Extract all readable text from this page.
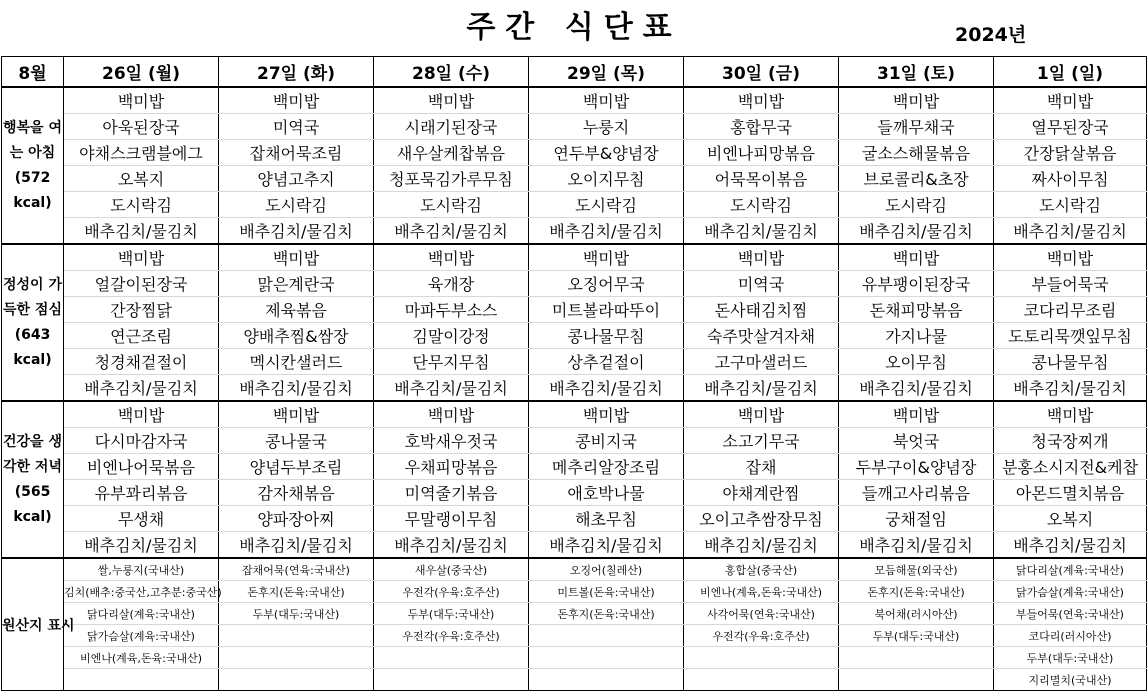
주간 식단표	2024년
8월	26일 (월)	27일 (화)	28일 (수)	29일 (목)	30일 (금)	31일 (토)	1일 (일)
행복을 여는 아침 (572 kcal)	백미밥	백미밥	백미밥	백미밥	백미밥	백미밥	백미밥
	아욱된장국	미역국	시래기된장국	누룽지	홍합무국	들깨무채국	열무된장국
	야채스크램블에그	잡채어묵조림	새우살케찹볶음	연두부&양념장	비엔나피망볶음	굴소스해물볶음	간장닭살볶음
	오복지	양념고추지	청포묵김가루무침	오이지무침	어묵목이볶음	브로콜리&초장	짜사이무침
	도시락김	도시락김	도시락김	도시락김	도시락김	도시락김	도시락김
	배추김치/물김치	배추김치/물김치	배추김치/물김치	배추김치/물김치	배추김치/물김치	배추김치/물김치	배추김치/물김치
정성이 가득한 점심 (643 kcal)	백미밥	백미밥	백미밥	백미밥	백미밥	백미밥	백미밥
	얼갈이된장국	맑은계란국	육개장	오징어무국	미역국	유부팽이된장국	부들어묵국
	간장찜닭	제육볶음	마파두부소스	미트볼라따뚜이	돈사태김치찜	돈채피망볶음	코다리무조림
	연근조림	양배추찜&쌈장	김말이강정	콩나물무침	숙주맛살겨자채	가지나물	도토리묵깻잎무침
	청경채겉절이	멕시칸샐러드	단무지무침	상추겉절이	고구마샐러드	오이무침	콩나물무침
	배추김치/물김치	배추김치/물김치	배추김치/물김치	배추김치/물김치	배추김치/물김치	배추김치/물김치	배추김치/물김치
건강을 생각한 저녁 (565 kcal)	백미밥	백미밥	백미밥	백미밥	백미밥	백미밥	백미밥
	다시마감자국	콩나물국	호박새우젓국	콩비지국	소고기무국	북엇국	청국장찌개
	비엔나어묵볶음	양념두부조림	우채피망볶음	메추리알장조림	잡채	두부구이&양념장	분홍소시지전&케찹
	유부꽈리볶음	감자채볶음	미역줄기볶음	애호박나물	야채계란찜	들깨고사리볶음	아몬드멸치볶음
	무생채	양파장아찌	무말랭이무침	해초무침	오이고추쌈장무침	궁채절임	오복지
	배추김치/물김치	배추김치/물김치	배추김치/물김치	배추김치/물김치	배추김치/물김치	배추김치/물김치	배추김치/물김치
원산지 표시	쌀,누룽지(국내산)	잡채어묵(연육:국내산)	새우살(중국산)	오징어(칠레산)	홍합살(중국산)	모듬해물(외국산)	닭다리살(계육:국내산)
	김치(배추:중국산,고추분:중국산)	돈후지(돈육:국내산)	우전각(우육:호주산)	미트볼(돈육:국내산)	비엔나(계육,돈육:국내산)	돈후지(돈육:국내산)	닭가슴살(계육:국내산)
	닭다리살(계육:국내산)	두부(대두:국내산)	두부(대두:국내산)	돈후지(돈육:국내산)	사각어묵(연육:국내산)	북어채(러시아산)	부들어묵(연육:국내산)
	닭가슴살(계육:국내산)		우전각(우육:호주산)		우전각(우육:호주산)	두부(대두:국내산)	코다리(러시아산)
	비엔나(계육,돈육:국내산)						두부(대두:국내산)
							지리멸치(국내산)
